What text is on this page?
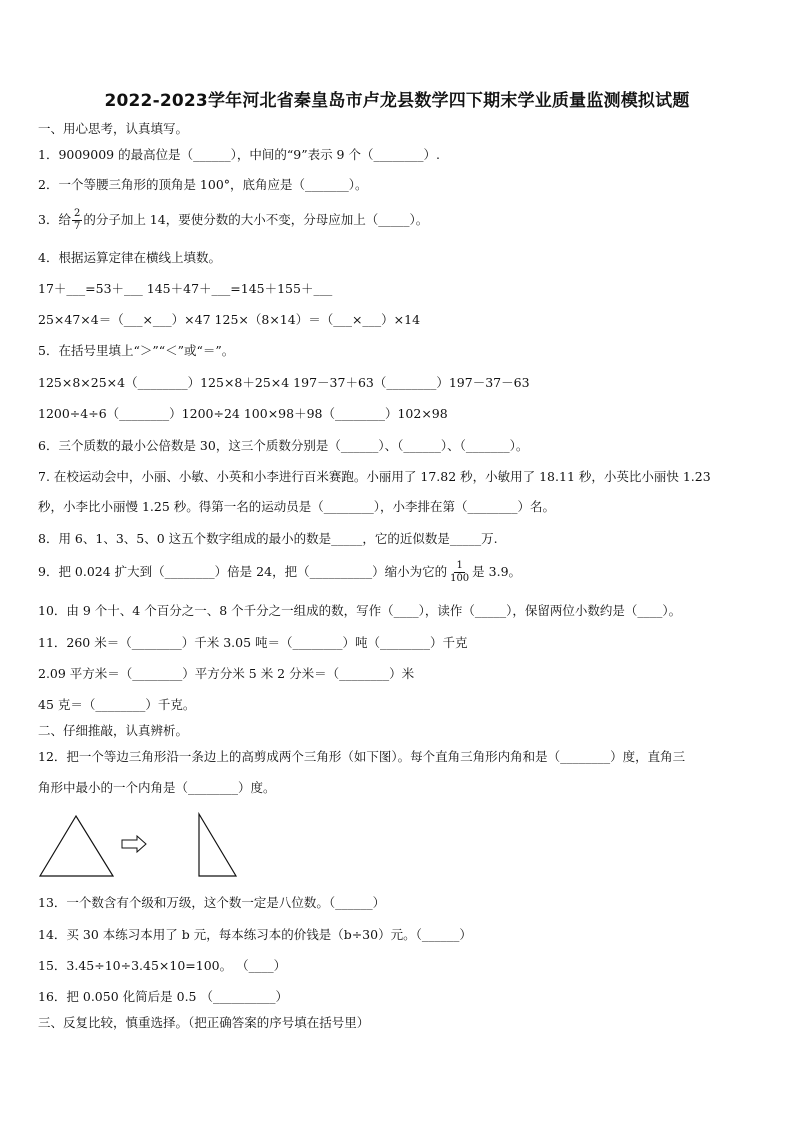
2022-2023学年河北省秦皇岛市卢龙县数学四下期末学业质量监测模拟试题
一、用心思考，认真填写。
1．9009009 的最高位是（______），中间的“9”表示 9 个（________）.
2．一个等腰三角形的顶角是 100°，底角应是（_______）。
3．给 $\frac{2}{7}$ 的分子加上 14，要使分数的大小不变，分母应加上（_____）。
4．根据运算定律在横线上填数。
17＋___=53＋___ 145＋47＋___=145＋155＋___
25×47×4＝（___×___）×47 125×（8×14）＝（___×___）×14
5．在括号里填上“＞”“＜”或“＝”。
125×8×25×4（________）125×8＋25×4 197－37＋63（________）197－37－63
1200÷4÷6（________）1200÷24 100×98＋98（________）102×98
6．三个质数的最小公倍数是 30，这三个质数分别是（______）、（______）、（_______）。
7. 在校运动会中，小丽、小敏、小英和小李进行百米赛跑。小丽用了 17.82 秒，小敏用了 18.11 秒，小英比小丽快 1.23
秒，小李比小丽慢 1.25 秒。得第一名的运动员是（________），小李排在第（________）名。
8．用 6、1、3、5、0 这五个数字组成的最小的数是_____，它的近似数是_____万.
9．把 0.024 扩大到（________）倍是 24，把（__________）缩小为它的 $\frac{1}{100}$ 是 3.9。
10．由 9 个十、4 个百分之一、8 个千分之一组成的数，写作（____），读作（_____），保留两位小数约是（____）。
11．260 米＝（________）千米 3.05 吨＝（________）吨（________）千克
2.09 平方米＝（________）平方分米 5 米 2 分米＝（________）米
45 克＝（________）千克。
二、仔细推敲，认真辨析。
12．把一个等边三角形沿一条边上的高剪成两个三角形（如下图）。每个直角三角形内角和是（________）度，直角三
角形中最小的一个内角是（________）度。
13．一个数含有个级和万级，这个数一定是八位数。（______）
14．买 30 本练习本用了 b 元，每本练习本的价钱是（b÷30）元。（______）
15．3.45÷10÷3.45×10=100。 （____）
16．把 0.050 化简后是 0.5 （__________）
三、反复比较，慎重选择。（把正确答案的序号填在括号里）
